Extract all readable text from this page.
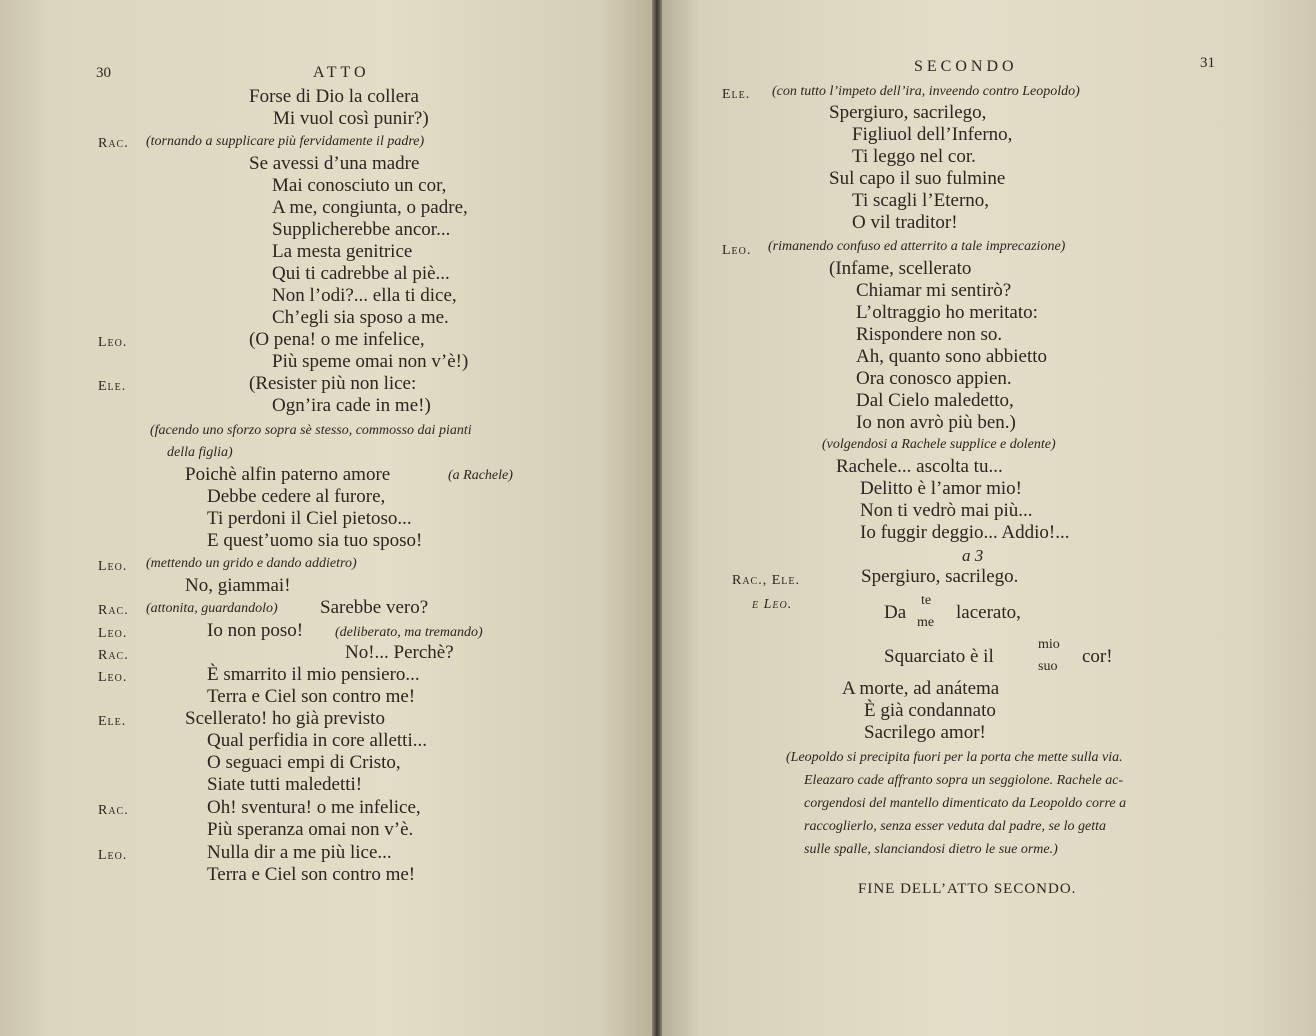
30	ATTO
Forse di Dio la collera
Mi vuol così punir?)
Rac. (tornando a supplicare più fervidamente il padre)
Se avessi d’una madre
Mai conosciuto un cor,
A me, congiunta, o padre,
Supplicherebbe ancor...
La mesta genitrice
Qui ti cadrebbe al piè...
Non l’odi?... ella ti dice,
Ch’egli sia sposo a me.
Leo.	(O pena! o me infelice,
Più speme omai non v’è!)
Ele.	(Resister più non lice:
Ogn’ira cade in me!)
(facendo uno sforzo sopra sè stesso, commosso dai pianti
della figlia)
Poichè alfin paterno amore	(a Rachele)
Debbe cedere al furore,
Ti perdoni il Ciel pietoso...
E quest’uomo sia tuo sposo!
Leo. (mettendo un grido e dando addietro)
No, giammai!
Rac. (attonita, guardandolo) Sarebbe vero?
Leo.	Io non poso! (deliberato, ma tremando)
Rac.	No!... Perchè?
Leo.	È smarrito il mio pensiero...
Terra e Ciel son contro me!
Ele.	Scellerato! ho già previsto
Qual perfidia in core alletti...
O seguaci empi di Cristo,
Siate tutti maledetti!
Rac.	Oh! sventura! o me infelice,
Più speranza omai non v’è.
Leo.	Nulla dir a me più lice...
Terra e Ciel son contro me!
SECONDO	31
Ele. (con tutto l’impeto dell’ira, inveendo contro Leopoldo)
Spergiuro, sacrilego,
Figliuol dell’Inferno,
Ti leggo nel cor.
Sul capo il suo fulmine
Ti scagli l’Eterno,
O vil traditor!
Leo. (rimanendo confuso ed atterrito a tale imprecazione)
(Infame, scellerato
Chiamar mi sentirò?
L’oltraggio ho meritato:
Rispondere non so.
Ah, quanto sono abbietto
Ora conosco appien.
Dal Cielo maledetto,
Io non avrò più ben.)
(volgendosi a Rachele supplice e dolente)
Rachele... ascolta tu...
Delitto è l’amor mio!
Non ti vedrò mai più...
Io fuggir deggio... Addio!...
a 3
Rac., Ele.	Spergiuro, sacrilego.
e Leo.	Da
te
me lacerato,
Squarciato è il
mio
suo cor!
A morte, ad anátema
È già condannato
Sacrilego amor!
(Leopoldo si precipita fuori per la porta che mette sulla via.
Eleazaro cade affranto sopra un seggiolone. Rachele ac-
corgendosi del mantello dimenticato da Leopoldo corre a
raccoglierlo, senza esser veduta dal padre, se lo getta
sulle spalle, slanciandosi dietro le sue orme.)
FINE DELL’ATTO SECONDO.
